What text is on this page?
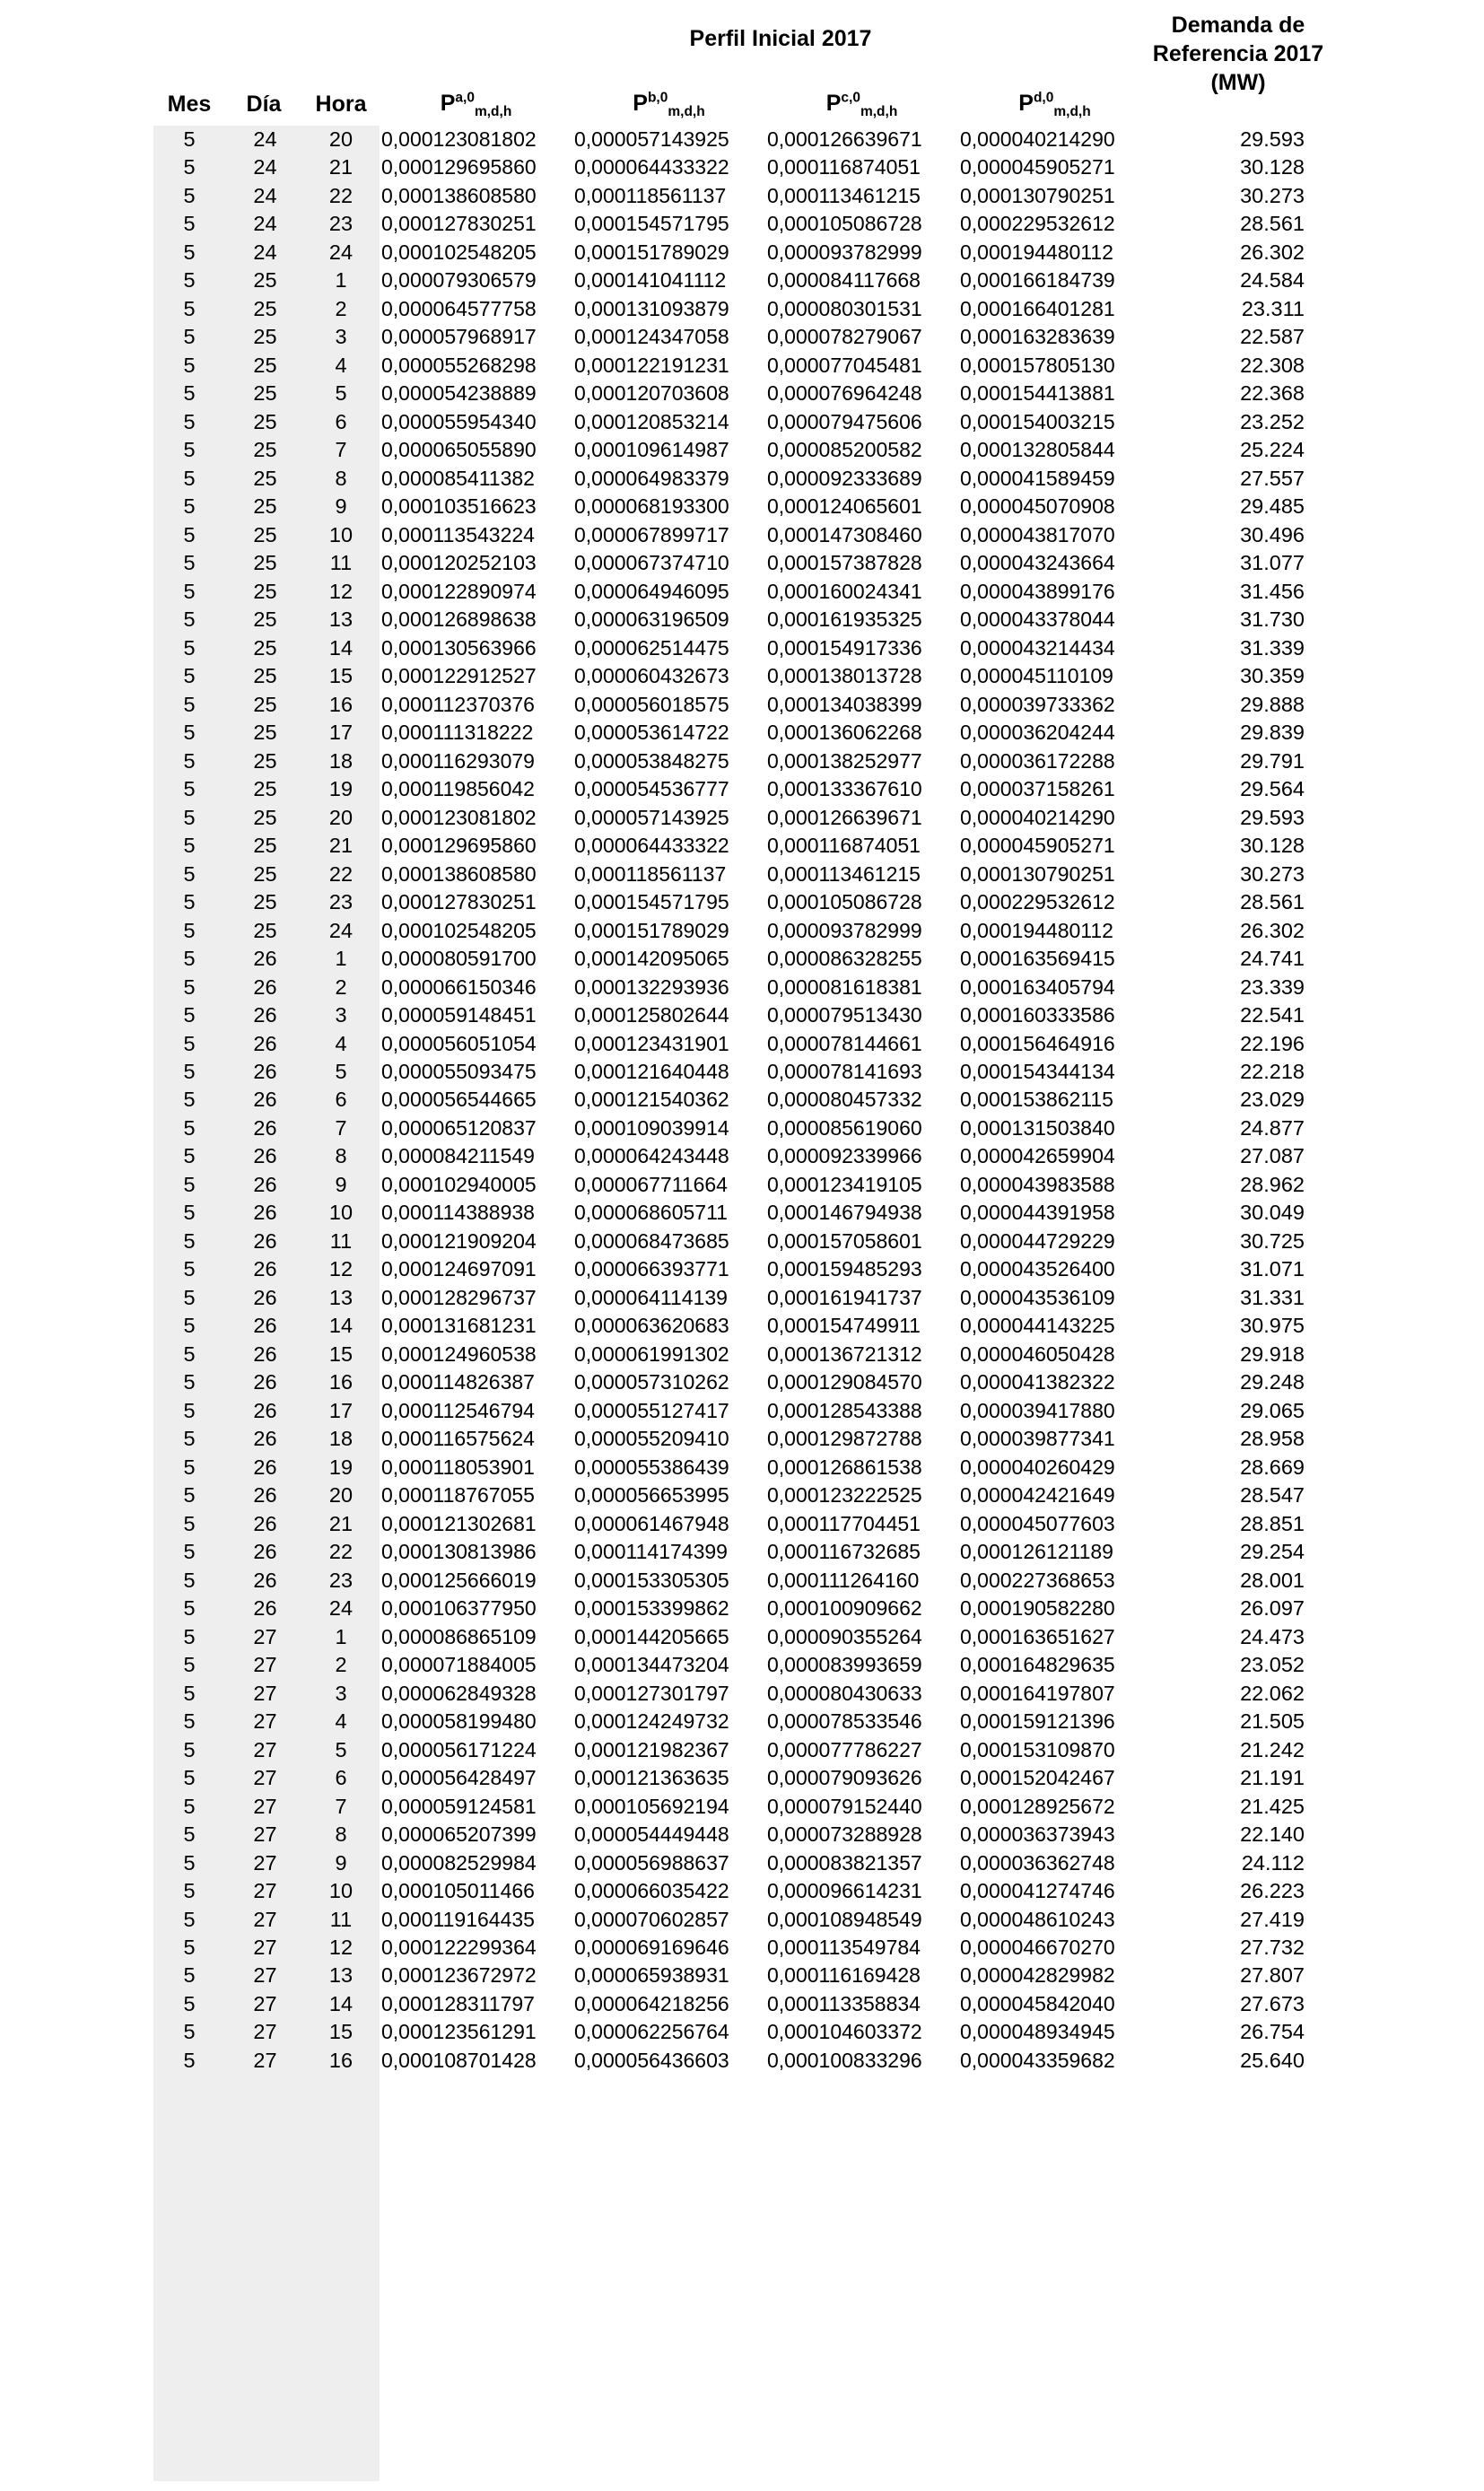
Perfil Inicial 2017
Demanda de
Referencia 2017
(MW)
Mes	Día	Hora	P$^{a,0}_{m,d,h}$	P$^{b,0}_{m,d,h}$	P$^{c,0}_{m,d,h}$	P$^{d,0}_{m,d,h}$
5	24	20	0,000123081802	0,000057143925	0,000126639671	0,000040214290	29.593
5	24	21	0,000129695860	0,000064433322	0,000116874051	0,000045905271	30.128
5	24	22	0,000138608580	0,000118561137	0,000113461215	0,000130790251	30.273
5	24	23	0,000127830251	0,000154571795	0,000105086728	0,000229532612	28.561
5	24	24	0,000102548205	0,000151789029	0,000093782999	0,000194480112	26.302
5	25	1	0,000079306579	0,000141041112	0,000084117668	0,000166184739	24.584
5	25	2	0,000064577758	0,000131093879	0,000080301531	0,000166401281	23.311
5	25	3	0,000057968917	0,000124347058	0,000078279067	0,000163283639	22.587
5	25	4	0,000055268298	0,000122191231	0,000077045481	0,000157805130	22.308
5	25	5	0,000054238889	0,000120703608	0,000076964248	0,000154413881	22.368
5	25	6	0,000055954340	0,000120853214	0,000079475606	0,000154003215	23.252
5	25	7	0,000065055890	0,000109614987	0,000085200582	0,000132805844	25.224
5	25	8	0,000085411382	0,000064983379	0,000092333689	0,000041589459	27.557
5	25	9	0,000103516623	0,000068193300	0,000124065601	0,000045070908	29.485
5	25	10	0,000113543224	0,000067899717	0,000147308460	0,000043817070	30.496
5	25	11	0,000120252103	0,000067374710	0,000157387828	0,000043243664	31.077
5	25	12	0,000122890974	0,000064946095	0,000160024341	0,000043899176	31.456
5	25	13	0,000126898638	0,000063196509	0,000161935325	0,000043378044	31.730
5	25	14	0,000130563966	0,000062514475	0,000154917336	0,000043214434	31.339
5	25	15	0,000122912527	0,000060432673	0,000138013728	0,000045110109	30.359
5	25	16	0,000112370376	0,000056018575	0,000134038399	0,000039733362	29.888
5	25	17	0,000111318222	0,000053614722	0,000136062268	0,000036204244	29.839
5	25	18	0,000116293079	0,000053848275	0,000138252977	0,000036172288	29.791
5	25	19	0,000119856042	0,000054536777	0,000133367610	0,000037158261	29.564
5	25	20	0,000123081802	0,000057143925	0,000126639671	0,000040214290	29.593
5	25	21	0,000129695860	0,000064433322	0,000116874051	0,000045905271	30.128
5	25	22	0,000138608580	0,000118561137	0,000113461215	0,000130790251	30.273
5	25	23	0,000127830251	0,000154571795	0,000105086728	0,000229532612	28.561
5	25	24	0,000102548205	0,000151789029	0,000093782999	0,000194480112	26.302
5	26	1	0,000080591700	0,000142095065	0,000086328255	0,000163569415	24.741
5	26	2	0,000066150346	0,000132293936	0,000081618381	0,000163405794	23.339
5	26	3	0,000059148451	0,000125802644	0,000079513430	0,000160333586	22.541
5	26	4	0,000056051054	0,000123431901	0,000078144661	0,000156464916	22.196
5	26	5	0,000055093475	0,000121640448	0,000078141693	0,000154344134	22.218
5	26	6	0,000056544665	0,000121540362	0,000080457332	0,000153862115	23.029
5	26	7	0,000065120837	0,000109039914	0,000085619060	0,000131503840	24.877
5	26	8	0,000084211549	0,000064243448	0,000092339966	0,000042659904	27.087
5	26	9	0,000102940005	0,000067711664	0,000123419105	0,000043983588	28.962
5	26	10	0,000114388938	0,000068605711	0,000146794938	0,000044391958	30.049
5	26	11	0,000121909204	0,000068473685	0,000157058601	0,000044729229	30.725
5	26	12	0,000124697091	0,000066393771	0,000159485293	0,000043526400	31.071
5	26	13	0,000128296737	0,000064114139	0,000161941737	0,000043536109	31.331
5	26	14	0,000131681231	0,000063620683	0,000154749911	0,000044143225	30.975
5	26	15	0,000124960538	0,000061991302	0,000136721312	0,000046050428	29.918
5	26	16	0,000114826387	0,000057310262	0,000129084570	0,000041382322	29.248
5	26	17	0,000112546794	0,000055127417	0,000128543388	0,000039417880	29.065
5	26	18	0,000116575624	0,000055209410	0,000129872788	0,000039877341	28.958
5	26	19	0,000118053901	0,000055386439	0,000126861538	0,000040260429	28.669
5	26	20	0,000118767055	0,000056653995	0,000123222525	0,000042421649	28.547
5	26	21	0,000121302681	0,000061467948	0,000117704451	0,000045077603	28.851
5	26	22	0,000130813986	0,000114174399	0,000116732685	0,000126121189	29.254
5	26	23	0,000125666019	0,000153305305	0,000111264160	0,000227368653	28.001
5	26	24	0,000106377950	0,000153399862	0,000100909662	0,000190582280	26.097
5	27	1	0,000086865109	0,000144205665	0,000090355264	0,000163651627	24.473
5	27	2	0,000071884005	0,000134473204	0,000083993659	0,000164829635	23.052
5	27	3	0,000062849328	0,000127301797	0,000080430633	0,000164197807	22.062
5	27	4	0,000058199480	0,000124249732	0,000078533546	0,000159121396	21.505
5	27	5	0,000056171224	0,000121982367	0,000077786227	0,000153109870	21.242
5	27	6	0,000056428497	0,000121363635	0,000079093626	0,000152042467	21.191
5	27	7	0,000059124581	0,000105692194	0,000079152440	0,000128925672	21.425
5	27	8	0,000065207399	0,000054449448	0,000073288928	0,000036373943	22.140
5	27	9	0,000082529984	0,000056988637	0,000083821357	0,000036362748	24.112
5	27	10	0,000105011466	0,000066035422	0,000096614231	0,000041274746	26.223
5	27	11	0,000119164435	0,000070602857	0,000108948549	0,000048610243	27.419
5	27	12	0,000122299364	0,000069169646	0,000113549784	0,000046670270	27.732
5	27	13	0,000123672972	0,000065938931	0,000116169428	0,000042829982	27.807
5	27	14	0,000128311797	0,000064218256	0,000113358834	0,000045842040	27.673
5	27	15	0,000123561291	0,000062256764	0,000104603372	0,000048934945	26.754
5	27	16	0,000108701428	0,000056436603	0,000100833296	0,000043359682	25.640
